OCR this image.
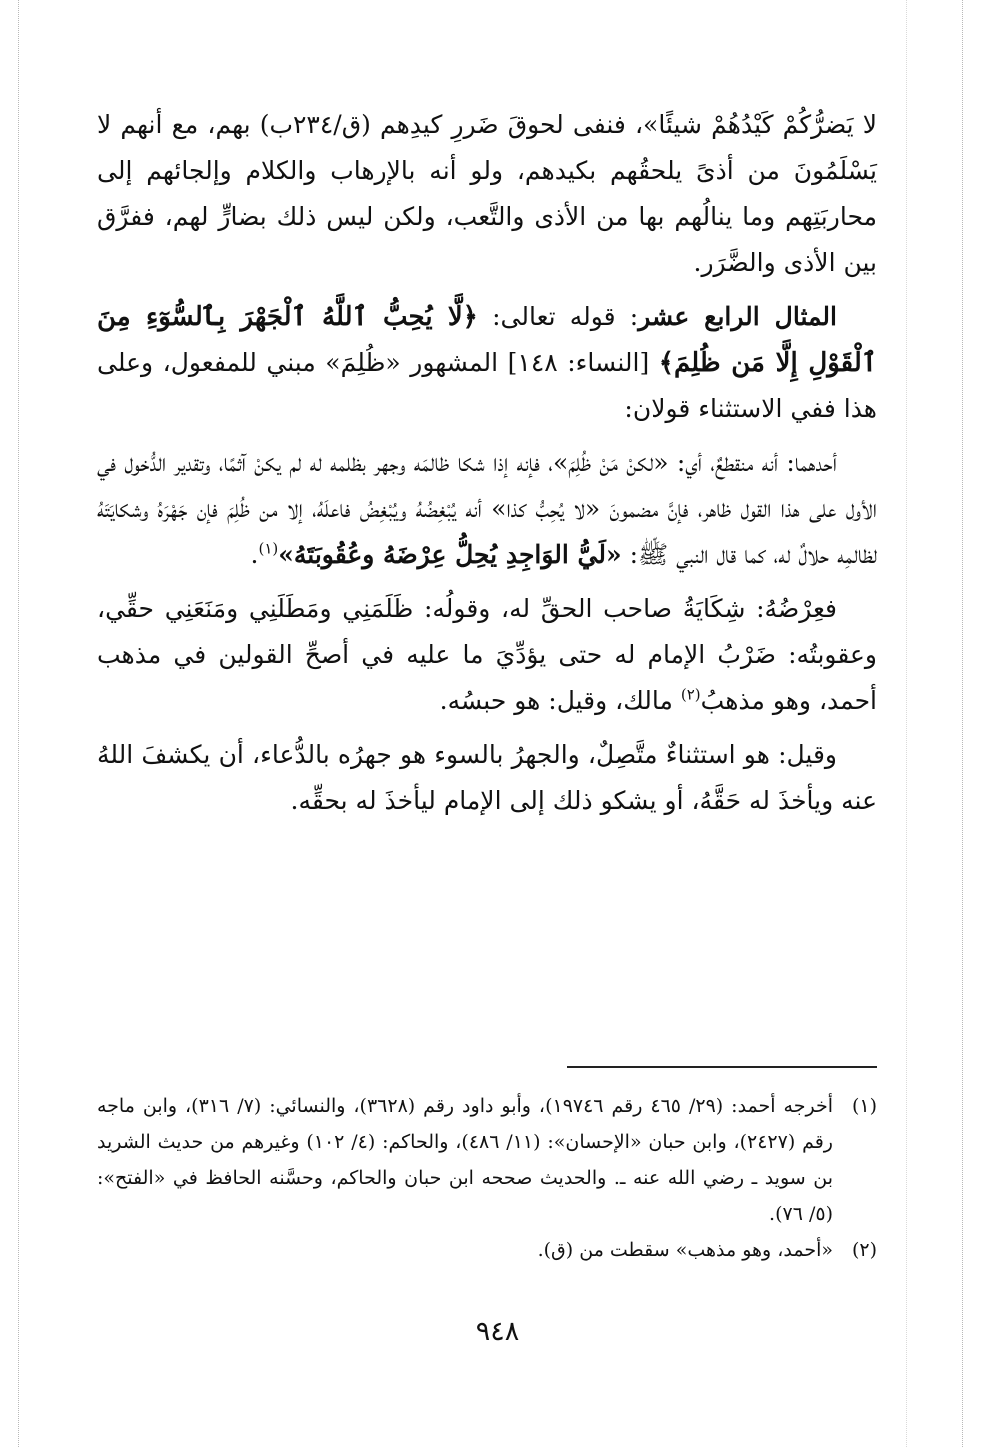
لا يَضرُّكُمْ كَيْدُهُمْ شيئًا»، فنفى لحوقَ ضَررِ كيدِهم (ق/٢٣٤ب) بهم، مع أنهم لا يَسْلَمُونَ من أذىً يلحقُهم بكيدهم، ولو أنه بالإرهاب والكلام وإلجائهم إلى محاربَتِهم وما ينالُهم بها من الأذى والتَّعب، ولكن ليس ذلك بضارٍّ لهم، ففرَّق بين الأذى والضَّرَر.

المثال الرابع عشر: قوله تعالى: ﴿لَّا يُحِبُّ ٱللَّهُ ٱلْجَهْرَ بِٱلسُّوٓءِ مِنَ ٱلْقَوْلِ إِلَّا مَن ظُلِمَ﴾ [النساء: ١٤٨] المشهور «ظُلِمَ» مبني للمفعول، وعلى هذا ففي الاستثناء قولان:

أحدهما: أنه منقطعٌ، أي: «لكنْ مَنْ ظُلِمَ»، فإنه إذا شكا ظالمَه وجهر بظلمه له لم يكنْ آثمًا، وتقدير الدُّخول في الأول على هذا القول ظاهر، فإنَّ مضمونَ «لا يُحِبُّ كذا» أنه يُبْغِضُهُ ويُبْغِضُ فاعلَهُ، إلا من ظُلِمَ فإن جَهْرَهُ وشكايَتَهُ لظالمِه حلالٌ له، كما قال النبي ﷺ: «لَيُّ الوَاجِدِ يُحِلُّ عِرْضَهُ وعُقُوبَتَهُ»$^{(١)}$.

فعِرْضُهُ: شِكَايَةُ صاحب الحقِّ له، وقولُه: ظَلَمَنِي ومَطَلَنِي ومَنَعَنِي حقِّي، وعقوبتُه: ضَرْبُ الإمام له حتى يؤدِّيَ ما عليه في أصحِّ القولين في مذهب أحمد، وهو مذهبُ$^{(٢)}$ مالك، وقيل: هو حبسُه.

وقيل: هو استثناءٌ متَّصِلٌ، والجهرُ بالسوء هو جهرُه بالدُّعاء، أن يكشفَ اللهُ عنه ويأخذَ له حَقَّهُ، أو يشكو ذلك إلى الإمام ليأخذَ له بحقِّه.

(١)
أخرجه أحمد: (٢٩/ ٤٦٥ رقم ١٩٧٤٦)، وأبو داود رقم (٣٦٢٨)، والنسائي: (٧/ ٣١٦)، وابن ماجه رقم (٢٤٢٧)، وابن حبان «الإحسان»: (١١/ ٤٨٦)، والحاكم: (٤/ ١٠٢) وغيرهم من حديث الشريد بن سويد ـ رضي الله عنه ـ. والحديث صححه ابن حبان والحاكم، وحسَّنه الحافظ في «الفتح»: (٥/ ٧٦).
(٢)
«أحمد، وهو مذهب» سقطت من (ق).
٩٤٨
